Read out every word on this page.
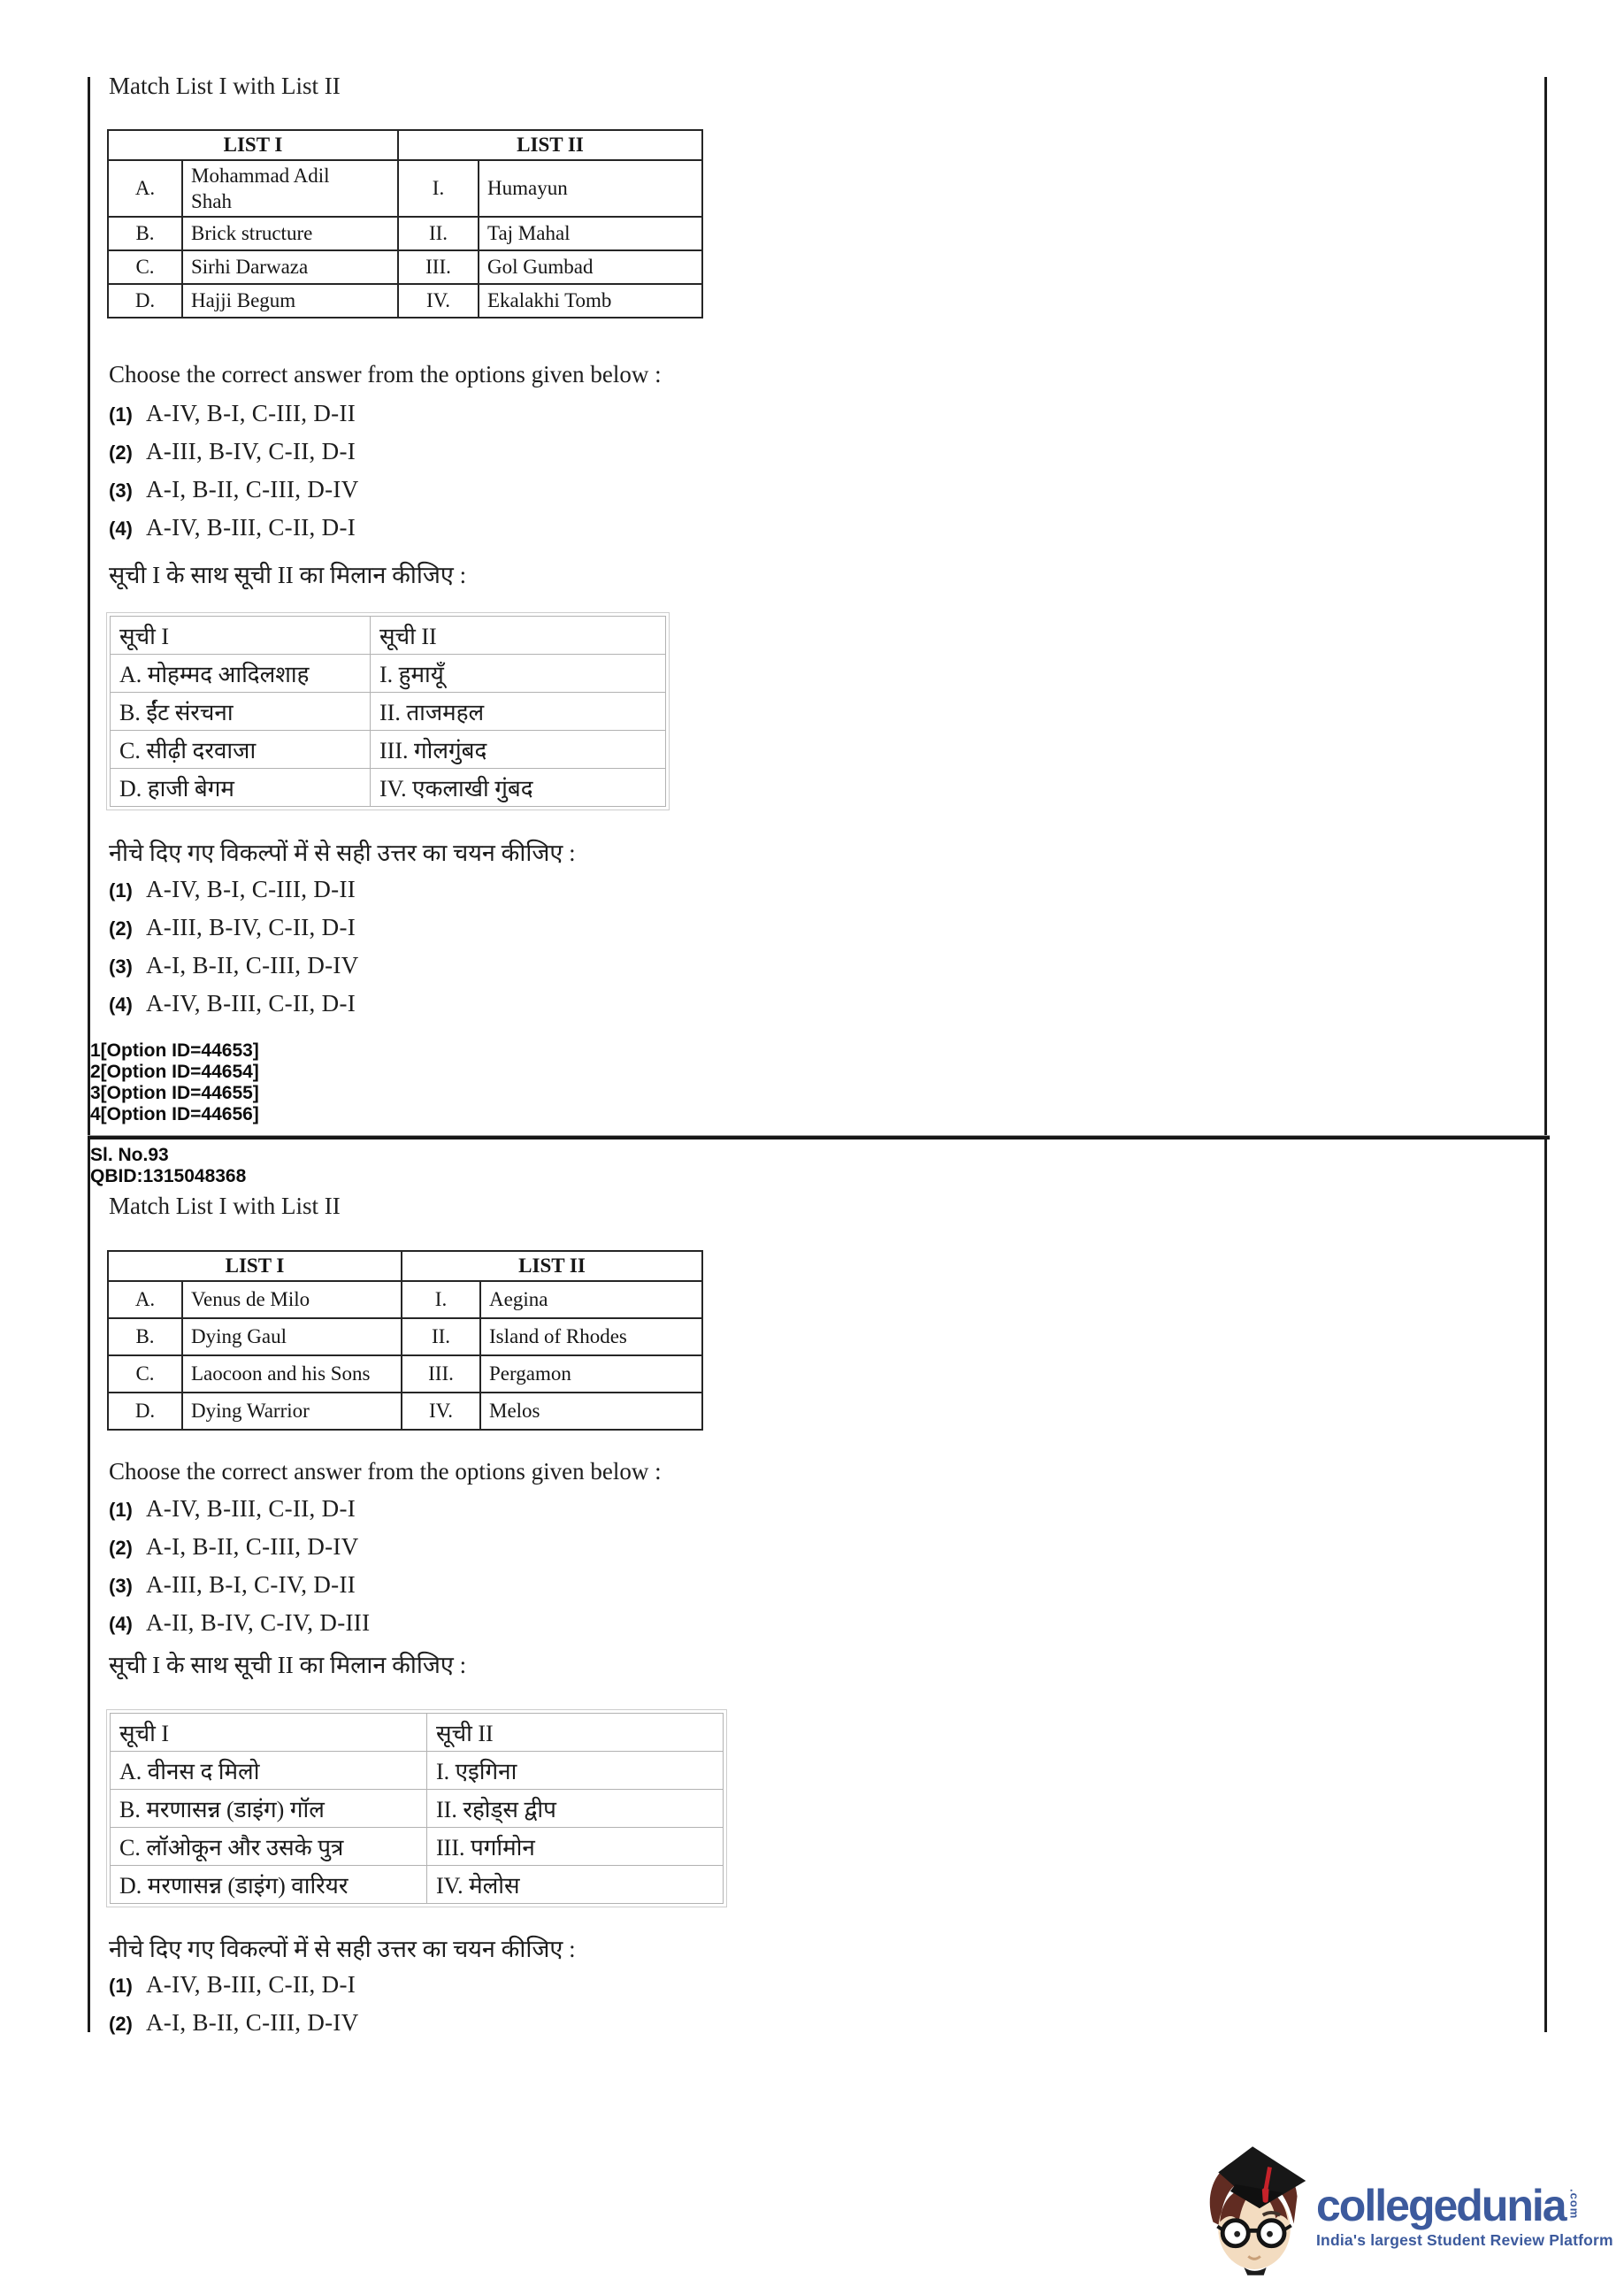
Match List I with List II
LIST I		LIST II	
A.	Mohammad Adil Shah	I.	Humayun
B.	Brick structure	II.	Taj Mahal
C.	Sirhi Darwaza	III.	Gol Gumbad
D.	Hajji Begum	IV.	Ekalakhi Tomb
Choose the correct answer from the options given below :
(1) A-IV, B-I, C-III, D-II
(2) A-III, B-IV, C-II, D-I
(3) A-I, B-II, C-III, D-IV
(4) A-IV, B-III, C-II, D-I
सूची I के साथ सूची II का मिलान कीजिए :
सूची I	सूची II
A. मोहम्मद आदिलशाह	I. हुमायूँ
B. ईंट संरचना	II. ताजमहल
C. सीढ़ी दरवाजा	III. गोलगुंबद
D. हाजी बेगम	IV. एकलाखी गुंबद
नीचे दिए गए विकल्पों में से सही उत्तर का चयन कीजिए :
(1) A-IV, B-I, C-III, D-II
(2) A-III, B-IV, C-II, D-I
(3) A-I, B-II, C-III, D-IV
(4) A-IV, B-III, C-II, D-I
1[Option ID=44653]
2[Option ID=44654]
3[Option ID=44655]
4[Option ID=44656]
Sl. No.93
QBID:1315048368
Match List I with List II
LIST I		LIST II	
A.	Venus de Milo	I.	Aegina
B.	Dying Gaul	II.	Island of Rhodes
C.	Laocoon and his Sons	III.	Pergamon
D.	Dying Warrior	IV.	Melos
Choose the correct answer from the options given below :
(1) A-IV, B-III, C-II, D-I
(2) A-I, B-II, C-III, D-IV
(3) A-III, B-I, C-IV, D-II
(4) A-II, B-IV, C-IV, D-III
सूची I के साथ सूची II का मिलान कीजिए :
सूची I	सूची II
A. वीनस द मिलो	I. एइगिना
B. मरणासन्न (डाइंग) गॉल	II. रहोड्स द्वीप
C. लॉओकून और उसके पुत्र	III. पर्गामोन
D. मरणासन्न (डाइंग) वारियर	IV. मेलोस
नीचे दिए गए विकल्पों में से सही उत्तर का चयन कीजिए :
(1) A-IV, B-III, C-II, D-I
(2) A-I, B-II, C-III, D-IV
collegedunia .com
India's largest Student Review Platform
